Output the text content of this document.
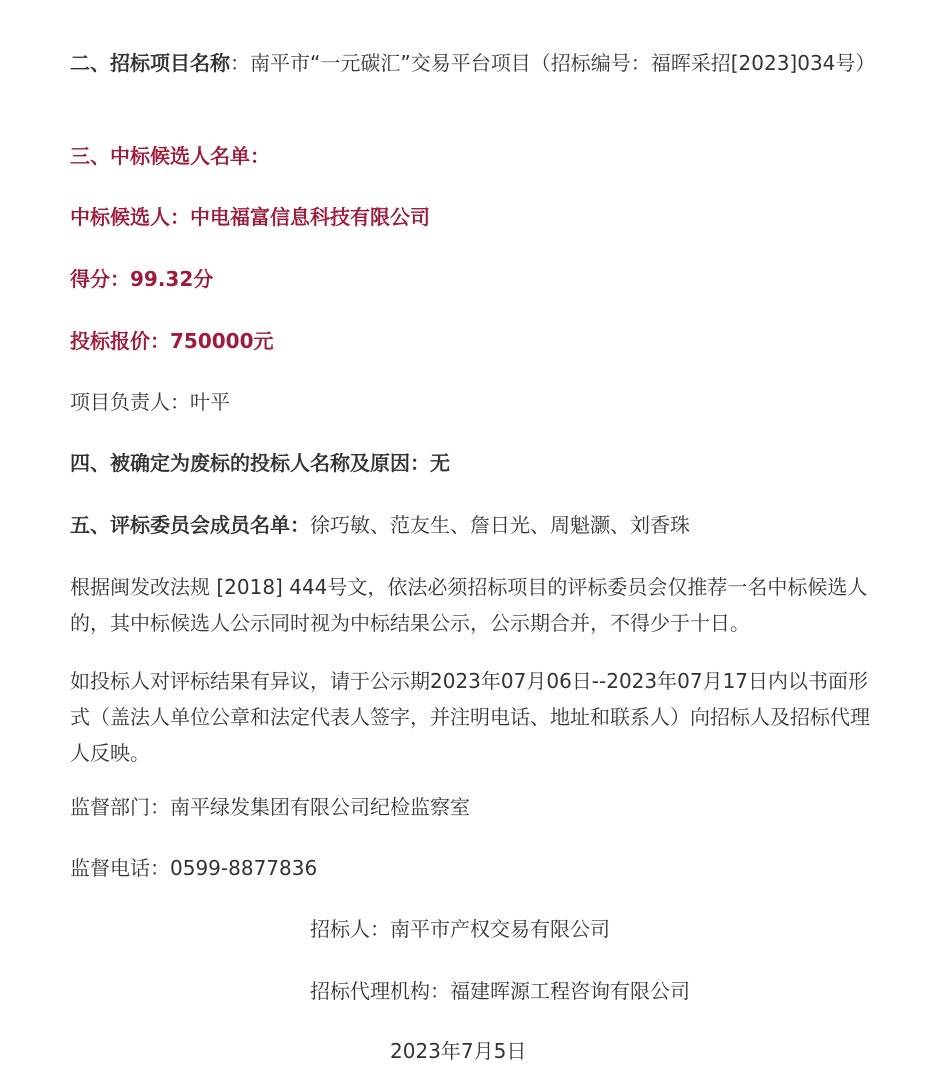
二、招标项目名称：南平市“一元碳汇”交易平台项目（招标编号：福晖采招[2023]034号）

三、中标候选人名单：

中标候选人：中电福富信息科技有限公司

得分：99.32分

投标报价：750000元

项目负责人：叶平

四、被确定为废标的投标人名称及原因：无

五、评标委员会成员名单：徐巧敏、范友生、詹日光、周魁灏、刘香珠

根据闽发改法规 [2018] 444号文，依法必须招标项目的评标委员会仅推荐一名中标候选人的，其中标候选人公示同时视为中标结果公示，公示期合并，不得少于十日。

如投标人对评标结果有异议，请于公示期2023年07月06日--2023年07月17日内以书面形式（盖法人单位公章和法定代表人签字，并注明电话、地址和联系人）向招标人及招标代理人反映。

监督部门：南平绿发集团有限公司纪检监察室

监督电话：0599-8877836

招标人：南平市产权交易有限公司
招标代理机构：福建晖源工程咨询有限公司
2023年7月5日
